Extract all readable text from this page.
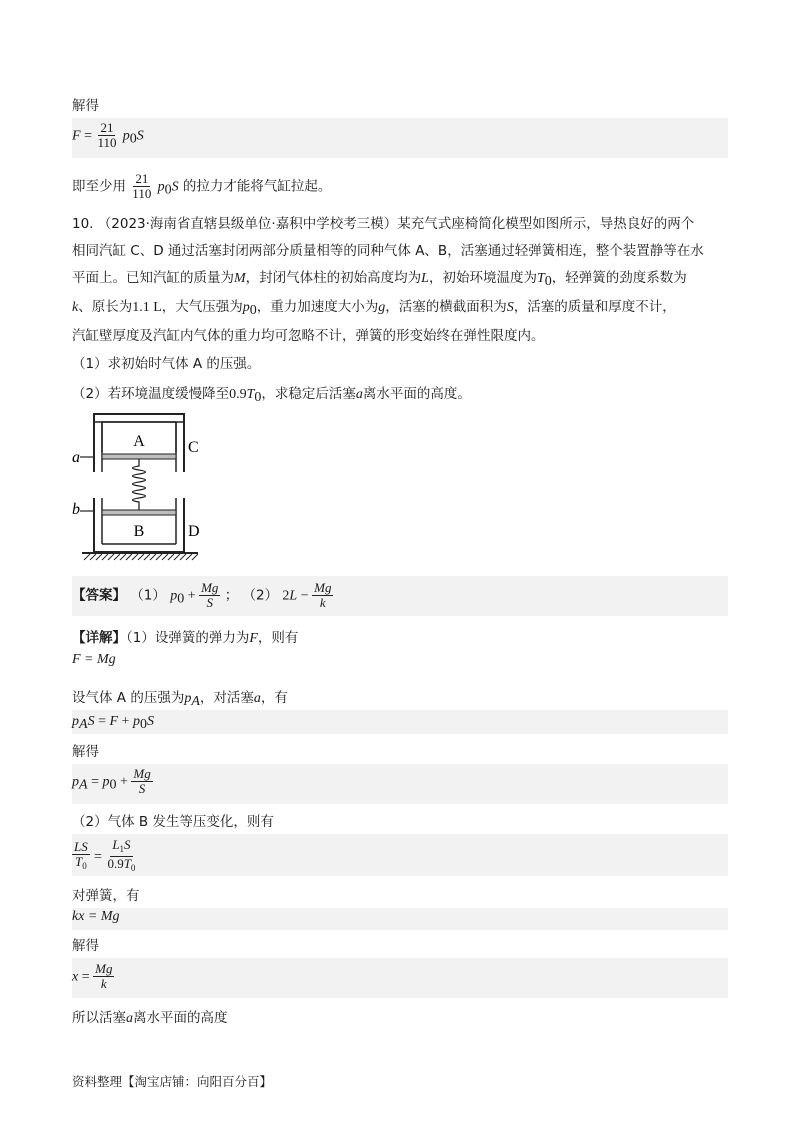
解得
$F = \frac{21}{110} p_0S$
即至少用 $\frac{21}{110} p_0S$ 的拉力才能将气缸拉起。
10. （2023·海南省直辖县级单位·嘉积中学校考三模）某充气式座椅简化模型如图所示，导热良好的两个
相同汽缸 C、D 通过活塞封闭两部分质量相等的同种气体 A、B，活塞通过轻弹簧相连，整个装置静等在水
平面上。已知汽缸的质量为M，封闭气体柱的初始高度均为L，初始环境温度为$T_0$，轻弹簧的劲度系数为
k、原长为1.1 L，大气压强为$p_0$，重力加速度大小为g，活塞的横截面积为S，活塞的质量和厚度不计，
汽缸壁厚度及汽缸内气体的重力均可忽略不计，弹簧的形变始终在弹性限度内。
（1）求初始时气体 A 的压强。
（2）若环境温度缓慢降至$0.9T_0$，求稳定后活塞a离水平面的高度。
A
B
C
D
a
b
【答案】 （1） $p_0 + \frac{Mg}{S}$ ； （2） $2L - \frac{Mg}{k}$
【详解】（1）设弹簧的弹力为F，则有
F = Mg
设气体 A 的压强为$p_A$，对活塞a，有
$p_AS = F + p_0S$
解得
$p_A = p_0 + \frac{Mg}{S}$
（2）气体 B 发生等压变化，则有
$\frac{LS}{T_0} = \frac{L_1S}{0.9T_0}$
对弹簧，有
kx = Mg
解得
$x = \frac{Mg}{k}$
所以活塞a离水平面的高度
资料整理【淘宝店铺：向阳百分百】
